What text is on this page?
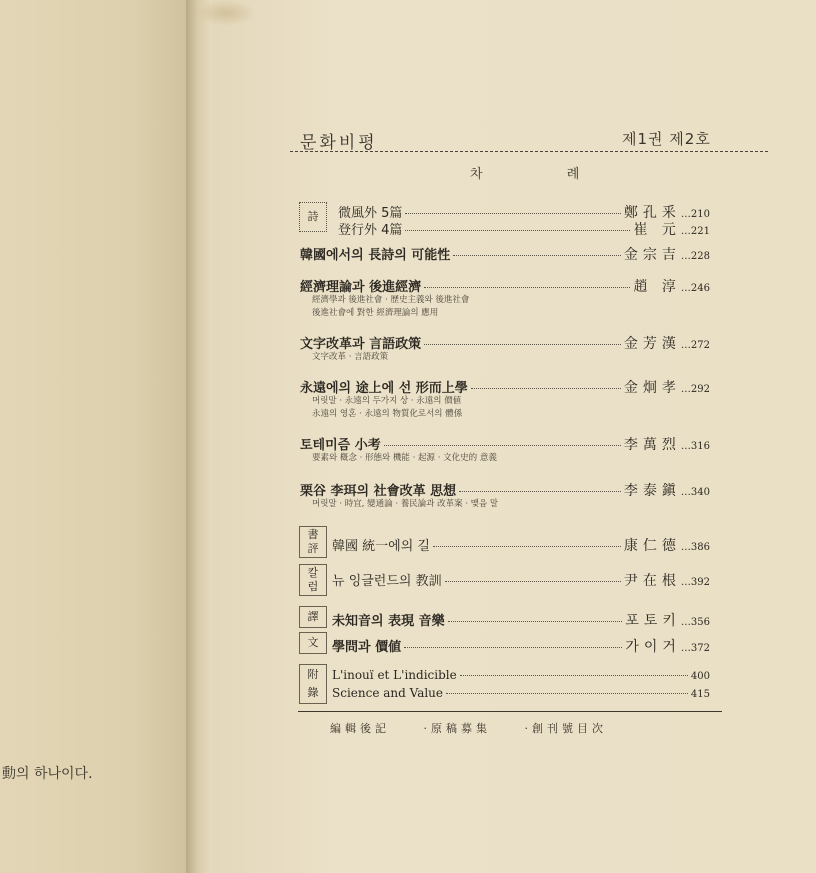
動의 하나이다.
문화비평	제1권 제2호
차 례
詩 微風外 5篇	鄭孔釆 … 210
登行外 4篇	崔 元 … 221
韓國에서의 長詩의 可能性	金宗吉 … 228
經濟理論과 後進經濟	趙 淳 … 246
經濟學과 後進社會 · 歷史主義와 後進社會
後進社會에 對한 經濟理論의 應用
文字改革과 言語政策	金芳漢 … 272
文字改革 · 言語政策
永遠에의 途上에 선 形而上學	金炯孝 … 292
머릿말 · 永遠의 두가지 상 · 永遠의 價値
永遠의 영혼 · 永遠의 物質化로서의 體係
토테미즘 小考	李萬烈 … 316
要素와 槪念 · 形態와 機能 · 起源 · 文化史的 意義
栗谷 李珥의 社會改革 思想	李泰鎭 … 340
머릿말 · 時宜, 變通論 · 養民論과 改革案 · 맺음 말
書
評 韓國 統一에의 길	康仁德 … 386
칼
럼 뉴 잉글런드의 教訓	尹在根 … 392
譯
文
未知音의 表現 音樂	포토키 … 356
學問과 價値	가이거 … 372
附
錄
L'inouï et L'indicible	400
Science and Value	415
編輯後記	·原稿募集	·創刊號目次
